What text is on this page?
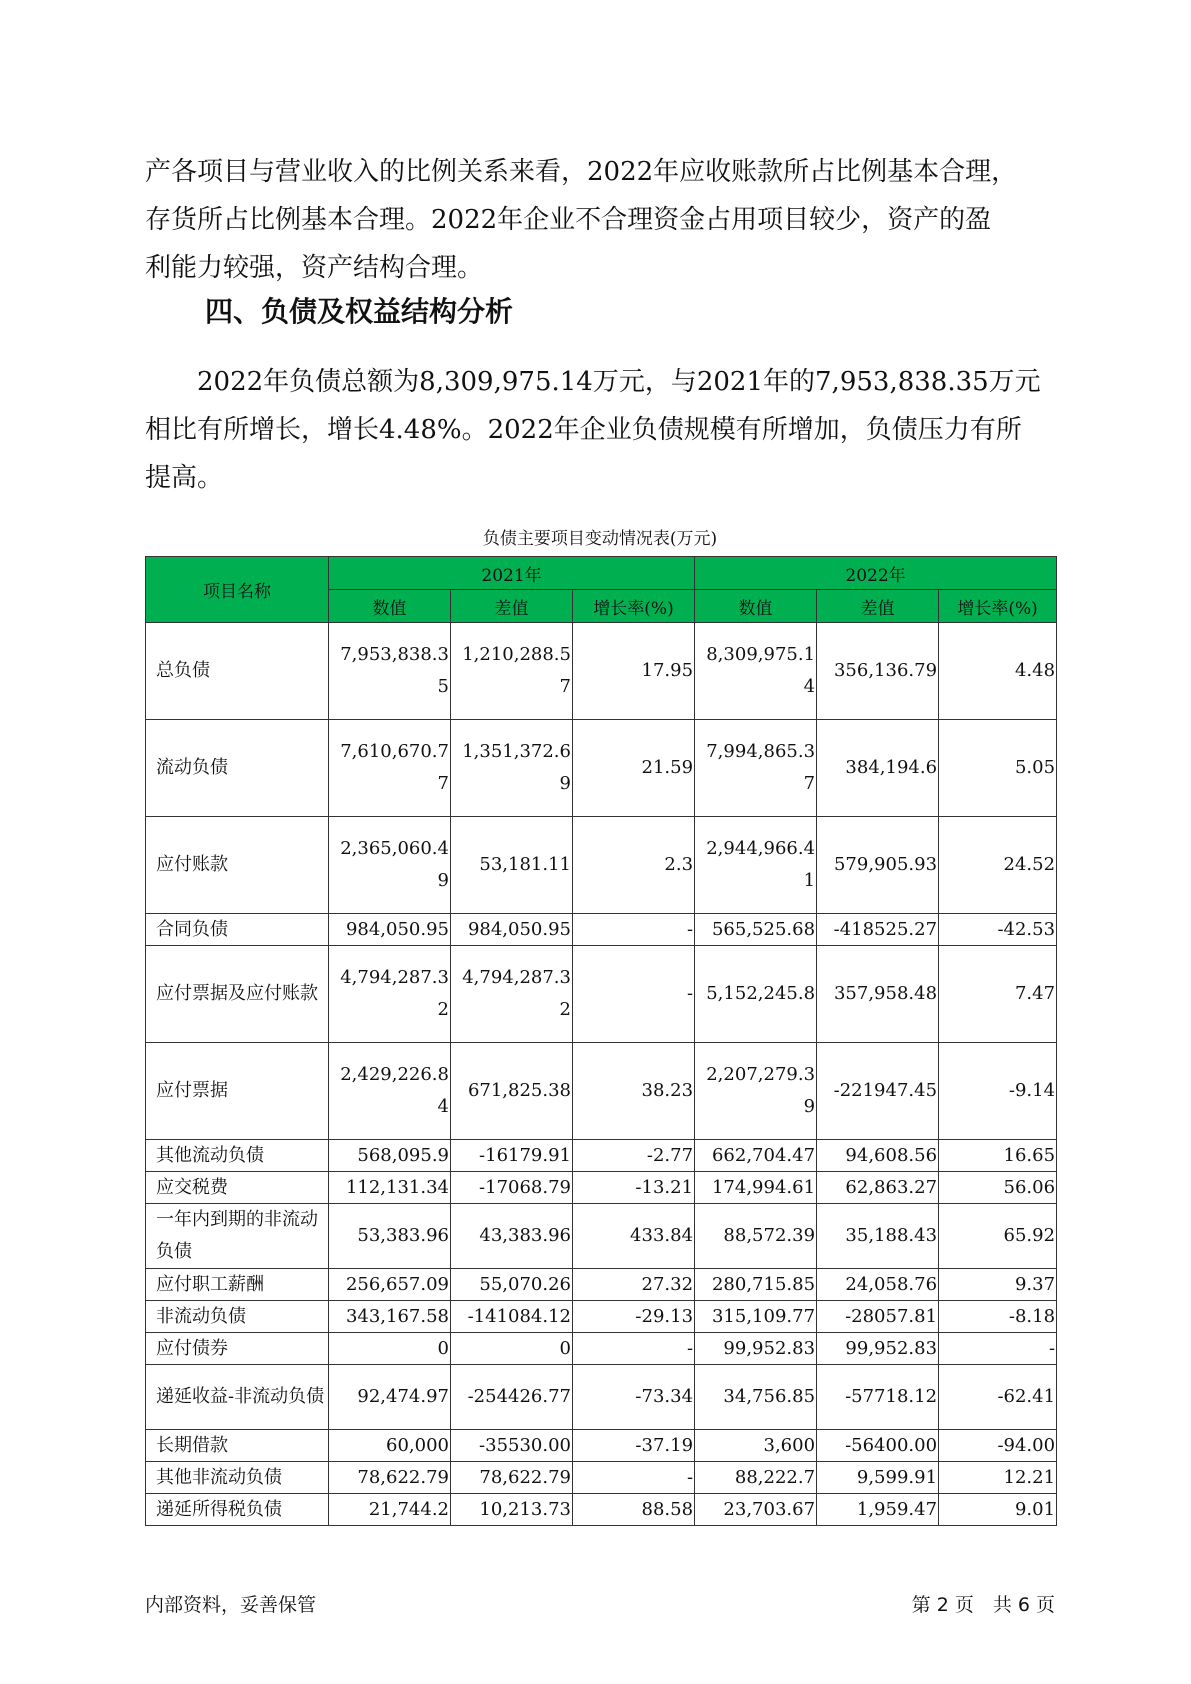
产各项目与营业收入的比例关系来看，2022年应收账款所占比例基本合理，
存货所占比例基本合理。2022年企业不合理资金占用项目较少，资产的盈
利能力较强，资产结构合理。

四、负债及权益结构分析

　　2022年负债总额为8,309,975.14万元，与2021年的7,953,838.35万元
相比有所增长，增长4.48%。2022年企业负债规模有所增加，负债压力有所
提高。

负债主要项目变动情况表(万元)
项目名称	2021年			2022年		
	数值	差值	增长率(%)	数值	差值	增长率(%)
总负债	7,953,838.35	1,210,288.57	17.95	8,309,975.14	356,136.79	4.48
流动负债	7,610,670.77	1,351,372.69	21.59	7,994,865.37	384,194.6	5.05
应付账款	2,365,060.49	53,181.11	2.3	2,944,966.41	579,905.93	24.52
合同负债	984,050.95	984,050.95	-	565,525.68	-418525.27	-42.53
应付票据及应付账款	4,794,287.32	4,794,287.32	-	5,152,245.8	357,958.48	7.47
应付票据	2,429,226.84	671,825.38	38.23	2,207,279.39	-221947.45	-9.14
其他流动负债	568,095.9	-16179.91	-2.77	662,704.47	94,608.56	16.65
应交税费	112,131.34	-17068.79	-13.21	174,994.61	62,863.27	56.06
一年内到期的非流动负债	53,383.96	43,383.96	433.84	88,572.39	35,188.43	65.92
应付职工薪酬	256,657.09	55,070.26	27.32	280,715.85	24,058.76	9.37
非流动负债	343,167.58	-141084.12	-29.13	315,109.77	-28057.81	-8.18
应付债券	0	0	-	99,952.83	99,952.83	-
递延收益-非流动负债	92,474.97	-254426.77	-73.34	34,756.85	-57718.12	-62.41
长期借款	60,000	-35530.00	-37.19	3,600	-56400.00	-94.00
其他非流动负债	78,622.79	78,622.79	-	88,222.7	9,599.91	12.21
递延所得税负债	21,744.2	10,213.73	88.58	23,703.67	1,959.47	9.01
内部资料，妥善保管	第 2 页　共 6 页
